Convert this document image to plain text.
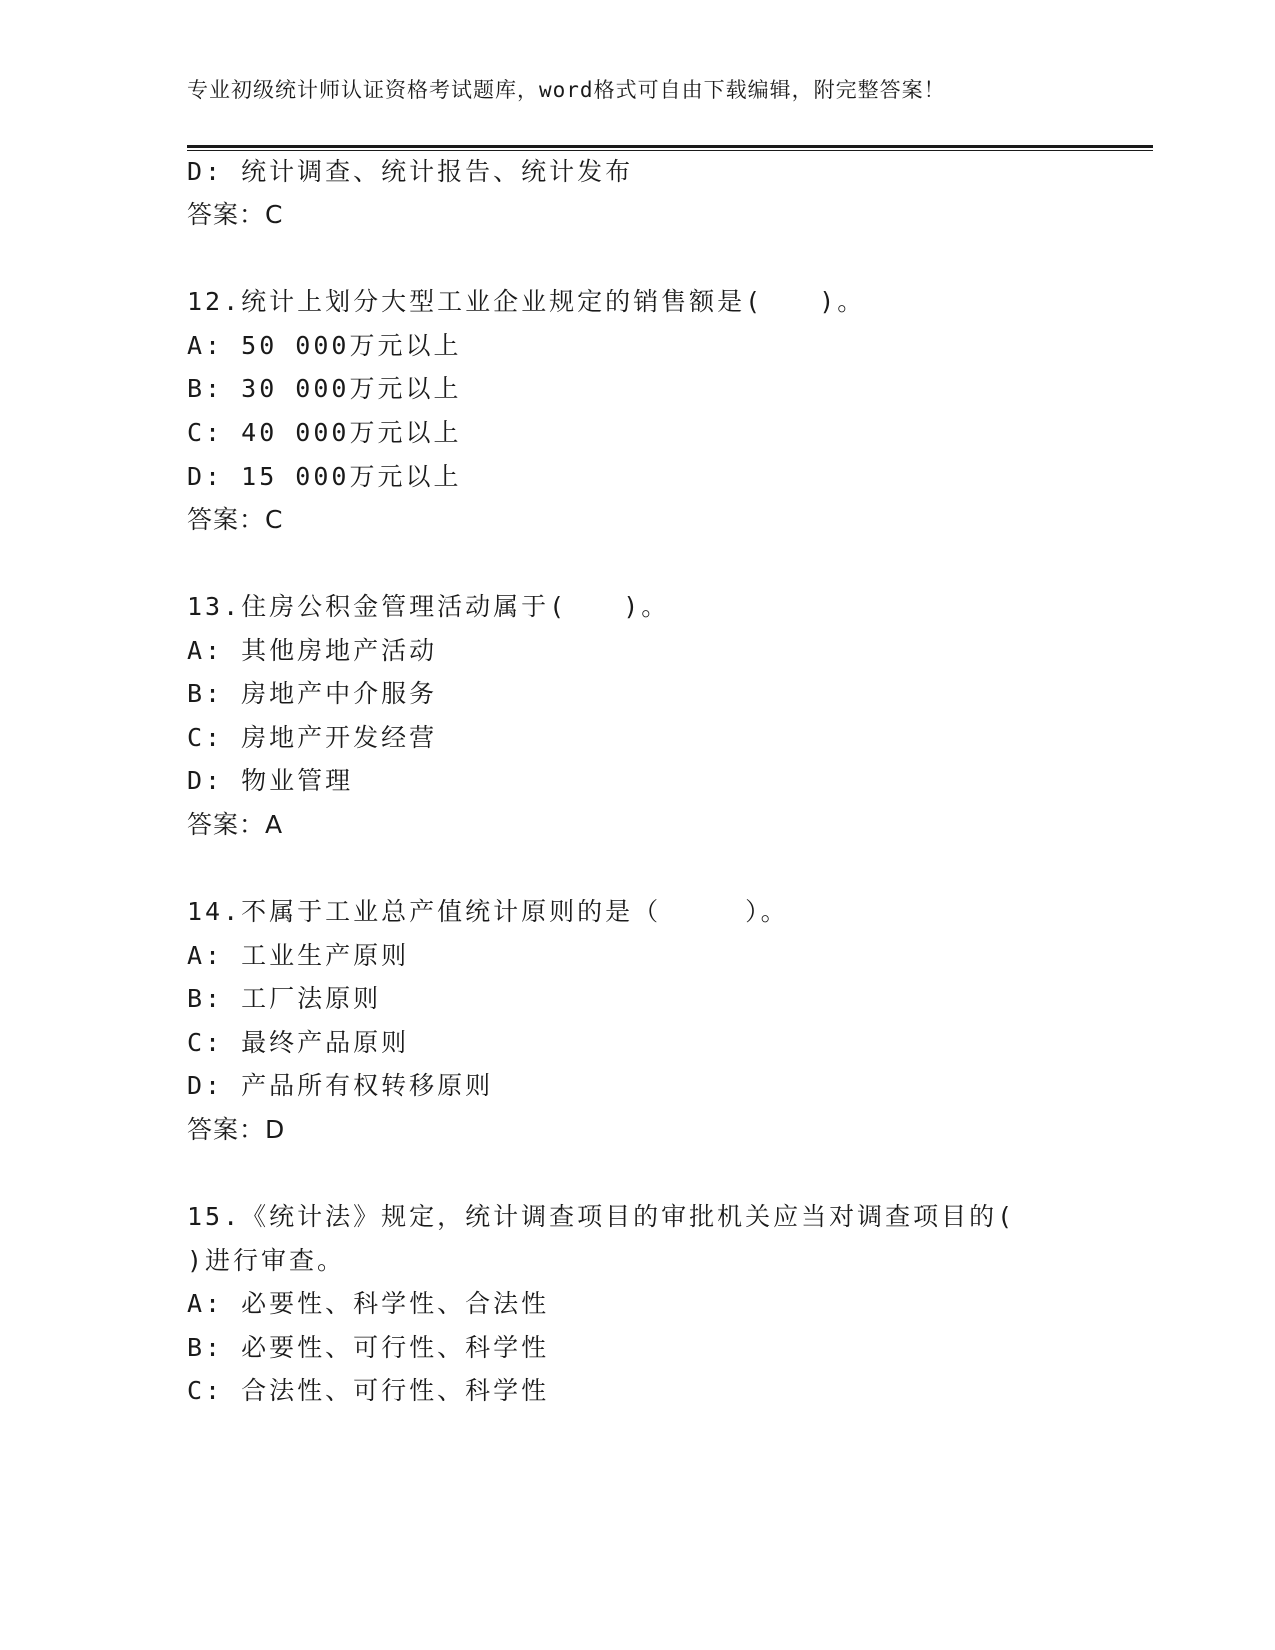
专业初级统计师认证资格考试题库，word格式可自由下载编辑，附完整答案！
D: 统计调查、统计报告、统计发布
答案：C
12.统计上划分大型工业企业规定的销售额是(　　)。
A: 50 000万元以上
B: 30 000万元以上
C: 40 000万元以上
D: 15 000万元以上
答案：C
13.住房公积金管理活动属于(　　)。
A: 其他房地产活动
B: 房地产中介服务
C: 房地产开发经营
D: 物业管理
答案：A
14.不属于工业总产值统计原则的是（　　　）。
A: 工业生产原则
B: 工厂法原则
C: 最终产品原则
D: 产品所有权转移原则
答案：D
15.《统计法》规定，统计调查项目的审批机关应当对调查项目的(
)进行审查。
A: 必要性、科学性、合法性
B: 必要性、可行性、科学性
C: 合法性、可行性、科学性
